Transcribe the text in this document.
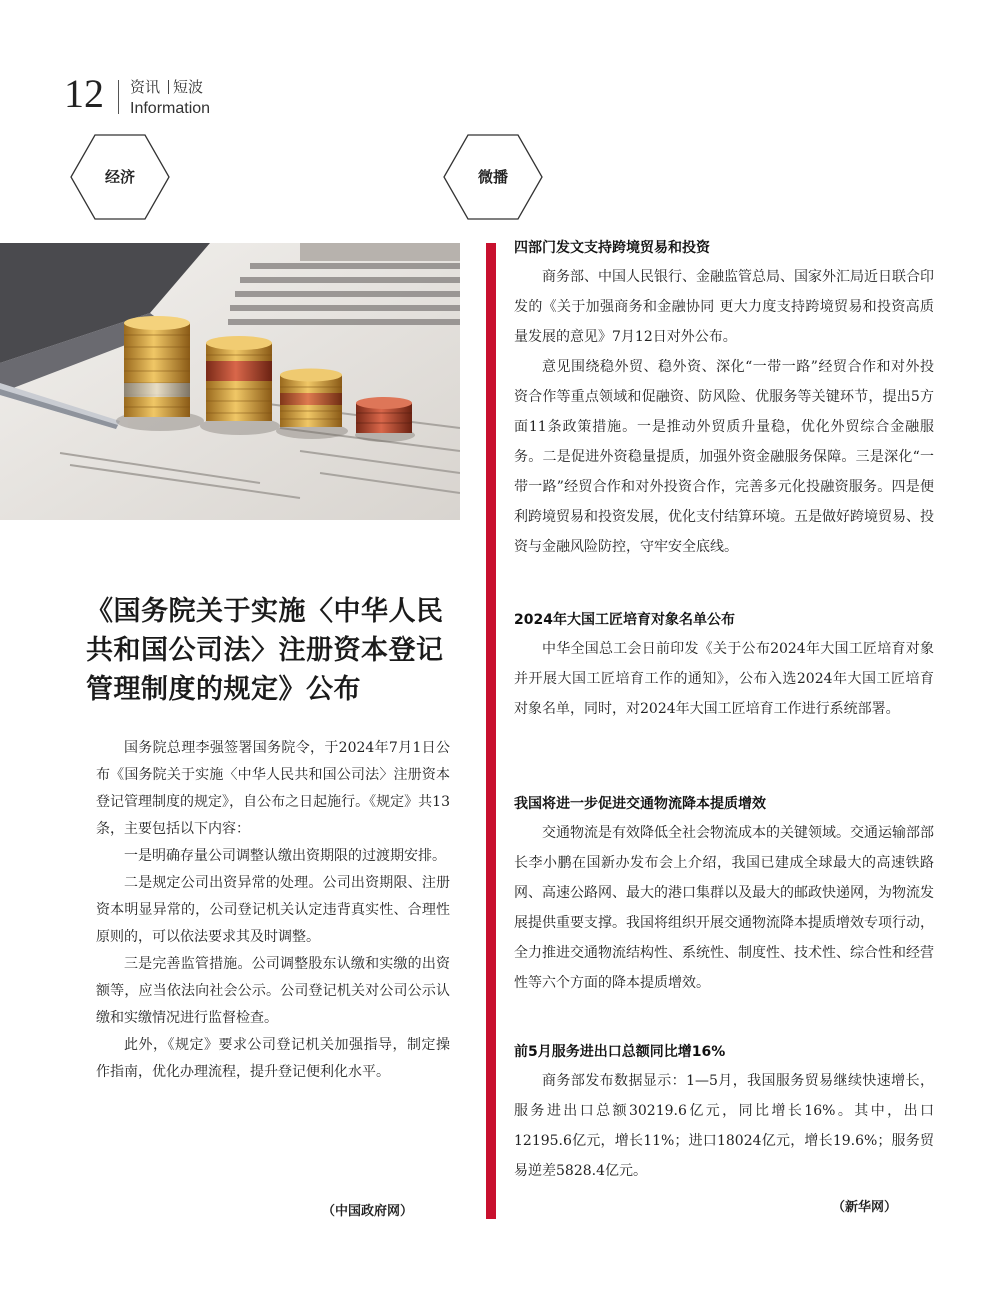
12 资讯 短波
Information
经济	微播
《国务院关于实施〈中华人民共和国公司法〉注册资本登记管理制度的规定》公布

国务院总理李强签署国务院令，于2024年7月1日公布《国务院关于实施〈中华人民共和国公司法〉注册资本登记管理制度的规定》，自公布之日起施行。《规定》共13条，主要包括以下内容：

一是明确存量公司调整认缴出资期限的过渡期安排。

二是规定公司出资异常的处理。公司出资期限、注册资本明显异常的，公司登记机关认定违背真实性、合理性原则的，可以依法要求其及时调整。

三是完善监管措施。公司调整股东认缴和实缴的出资额等，应当依法向社会公示。公司登记机关对公司公示认缴和实缴情况进行监督检查。

此外，《规定》要求公司登记机关加强指导，制定操作指南，优化办理流程，提升登记便利化水平。

（中国政府网）
四部门发文支持跨境贸易和投资

商务部、中国人民银行、金融监管总局、国家外汇局近日联合印发的《关于加强商务和金融协同 更大力度支持跨境贸易和投资高质量发展的意见》7月12日对外公布。

意见围绕稳外贸、稳外资、深化“一带一路”经贸合作和对外投资合作等重点领域和促融资、防风险、优服务等关键环节，提出5方面11条政策措施。一是推动外贸质升量稳，优化外贸综合金融服务。二是促进外资稳量提质，加强外资金融服务保障。三是深化“一带一路”经贸合作和对外投资合作，完善多元化投融资服务。四是便利跨境贸易和投资发展，优化支付结算环境。五是做好跨境贸易、投资与金融风险防控，守牢安全底线。

2024年大国工匠培育对象名单公布

中华全国总工会日前印发《关于公布2024年大国工匠培育对象并开展大国工匠培育工作的通知》，公布入选2024年大国工匠培育对象名单，同时，对2024年大国工匠培育工作进行系统部署。

我国将进一步促进交通物流降本提质增效

交通物流是有效降低全社会物流成本的关键领域。交通运输部部长李小鹏在国新办发布会上介绍，我国已建成全球最大的高速铁路网、高速公路网、最大的港口集群以及最大的邮政快递网，为物流发展提供重要支撑。我国将组织开展交通物流降本提质增效专项行动，全力推进交通物流结构性、系统性、制度性、技术性、综合性和经营性等六个方面的降本提质增效。

前5月服务进出口总额同比增16%

商务部发布数据显示：1—5月，我国服务贸易继续快速增长，服务进出口总额30219.6亿元，同比增长16%。其中，出口12195.6亿元，增长11%；进口18024亿元，增长19.6%；服务贸易逆差5828.4亿元。

（新华网）
